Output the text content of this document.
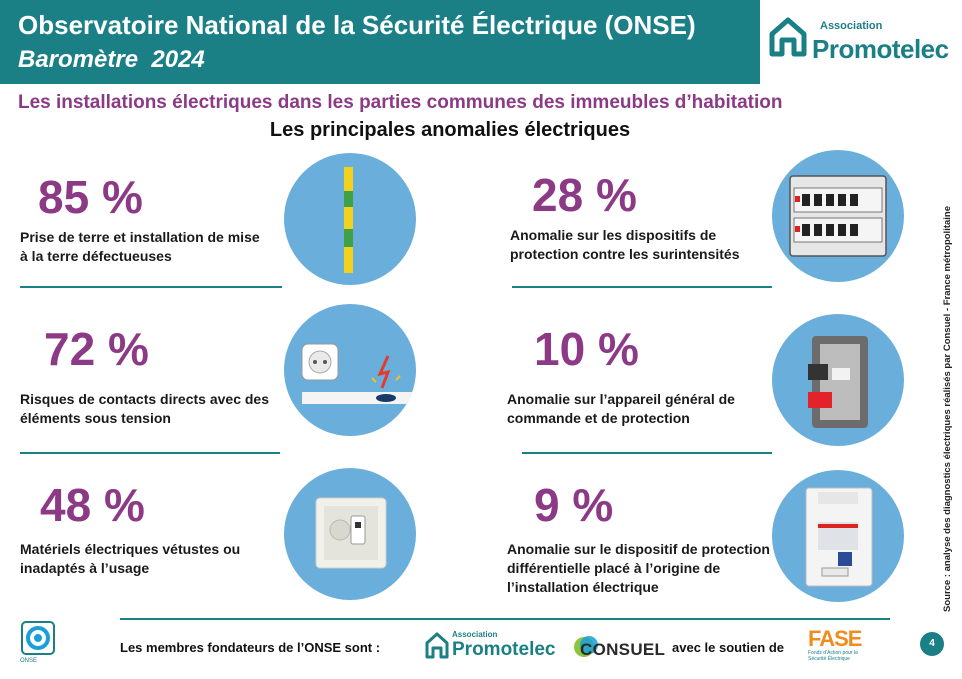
Observatoire National de la Sécurité Électrique (ONSE)
Baromètre  2024
Association
Promotelec
Les installations électriques dans les parties communes des immeubles d’habitation
Les principales anomalies électriques
85 %
Prise de terre et installation de mise à la terre défectueuses
28 %
Anomalie sur les dispositifs de protection contre les surintensités
72 %
Risques de contacts directs avec des éléments sous tension
10 %
Anomalie sur l’appareil général de commande et de protection
48 %
Matériels électriques vétustes ou inadaptés à l’usage
9 %
Anomalie sur le dispositif de protection différentielle placé à l’origine de l’installation électrique	Source : analyse des diagnostics électriques réalisés par Consuel - France métropolitaine
ONSE
Les membres fondateurs de l’ONSE sont :
Association
Promotelec CONSUEL avec le soutien de FASE
Fonds d’Action pour la Sécurité Électrique
4
